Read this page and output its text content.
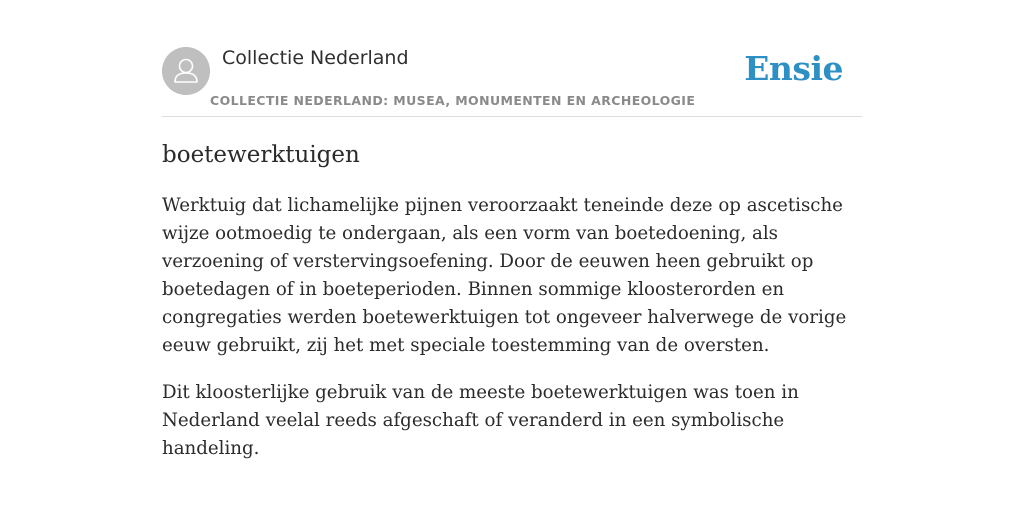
Collectie Nederland
COLLECTIE NEDERLAND: MUSEA, MONUMENTEN EN ARCHEOLOGIE
Ensie
boetewerktuigen

Werktuig dat lichamelijke pijnen veroorzaakt teneinde deze op ascetische wijze ootmoedig te ondergaan, als een vorm van boetedoening, als verzoening of verstervingsoefening. Door de eeuwen heen gebruikt op boetedagen of in boeteperioden. Binnen sommige kloosterorden en congregaties werden boetewerktuigen tot ongeveer halverwege de vorige eeuw gebruikt, zij het met speciale toestemming van de oversten.

Dit kloosterlijke gebruik van de meeste boetewerktuigen was toen in Nederland veelal reeds afgeschaft of veranderd in een symbolische handeling.
